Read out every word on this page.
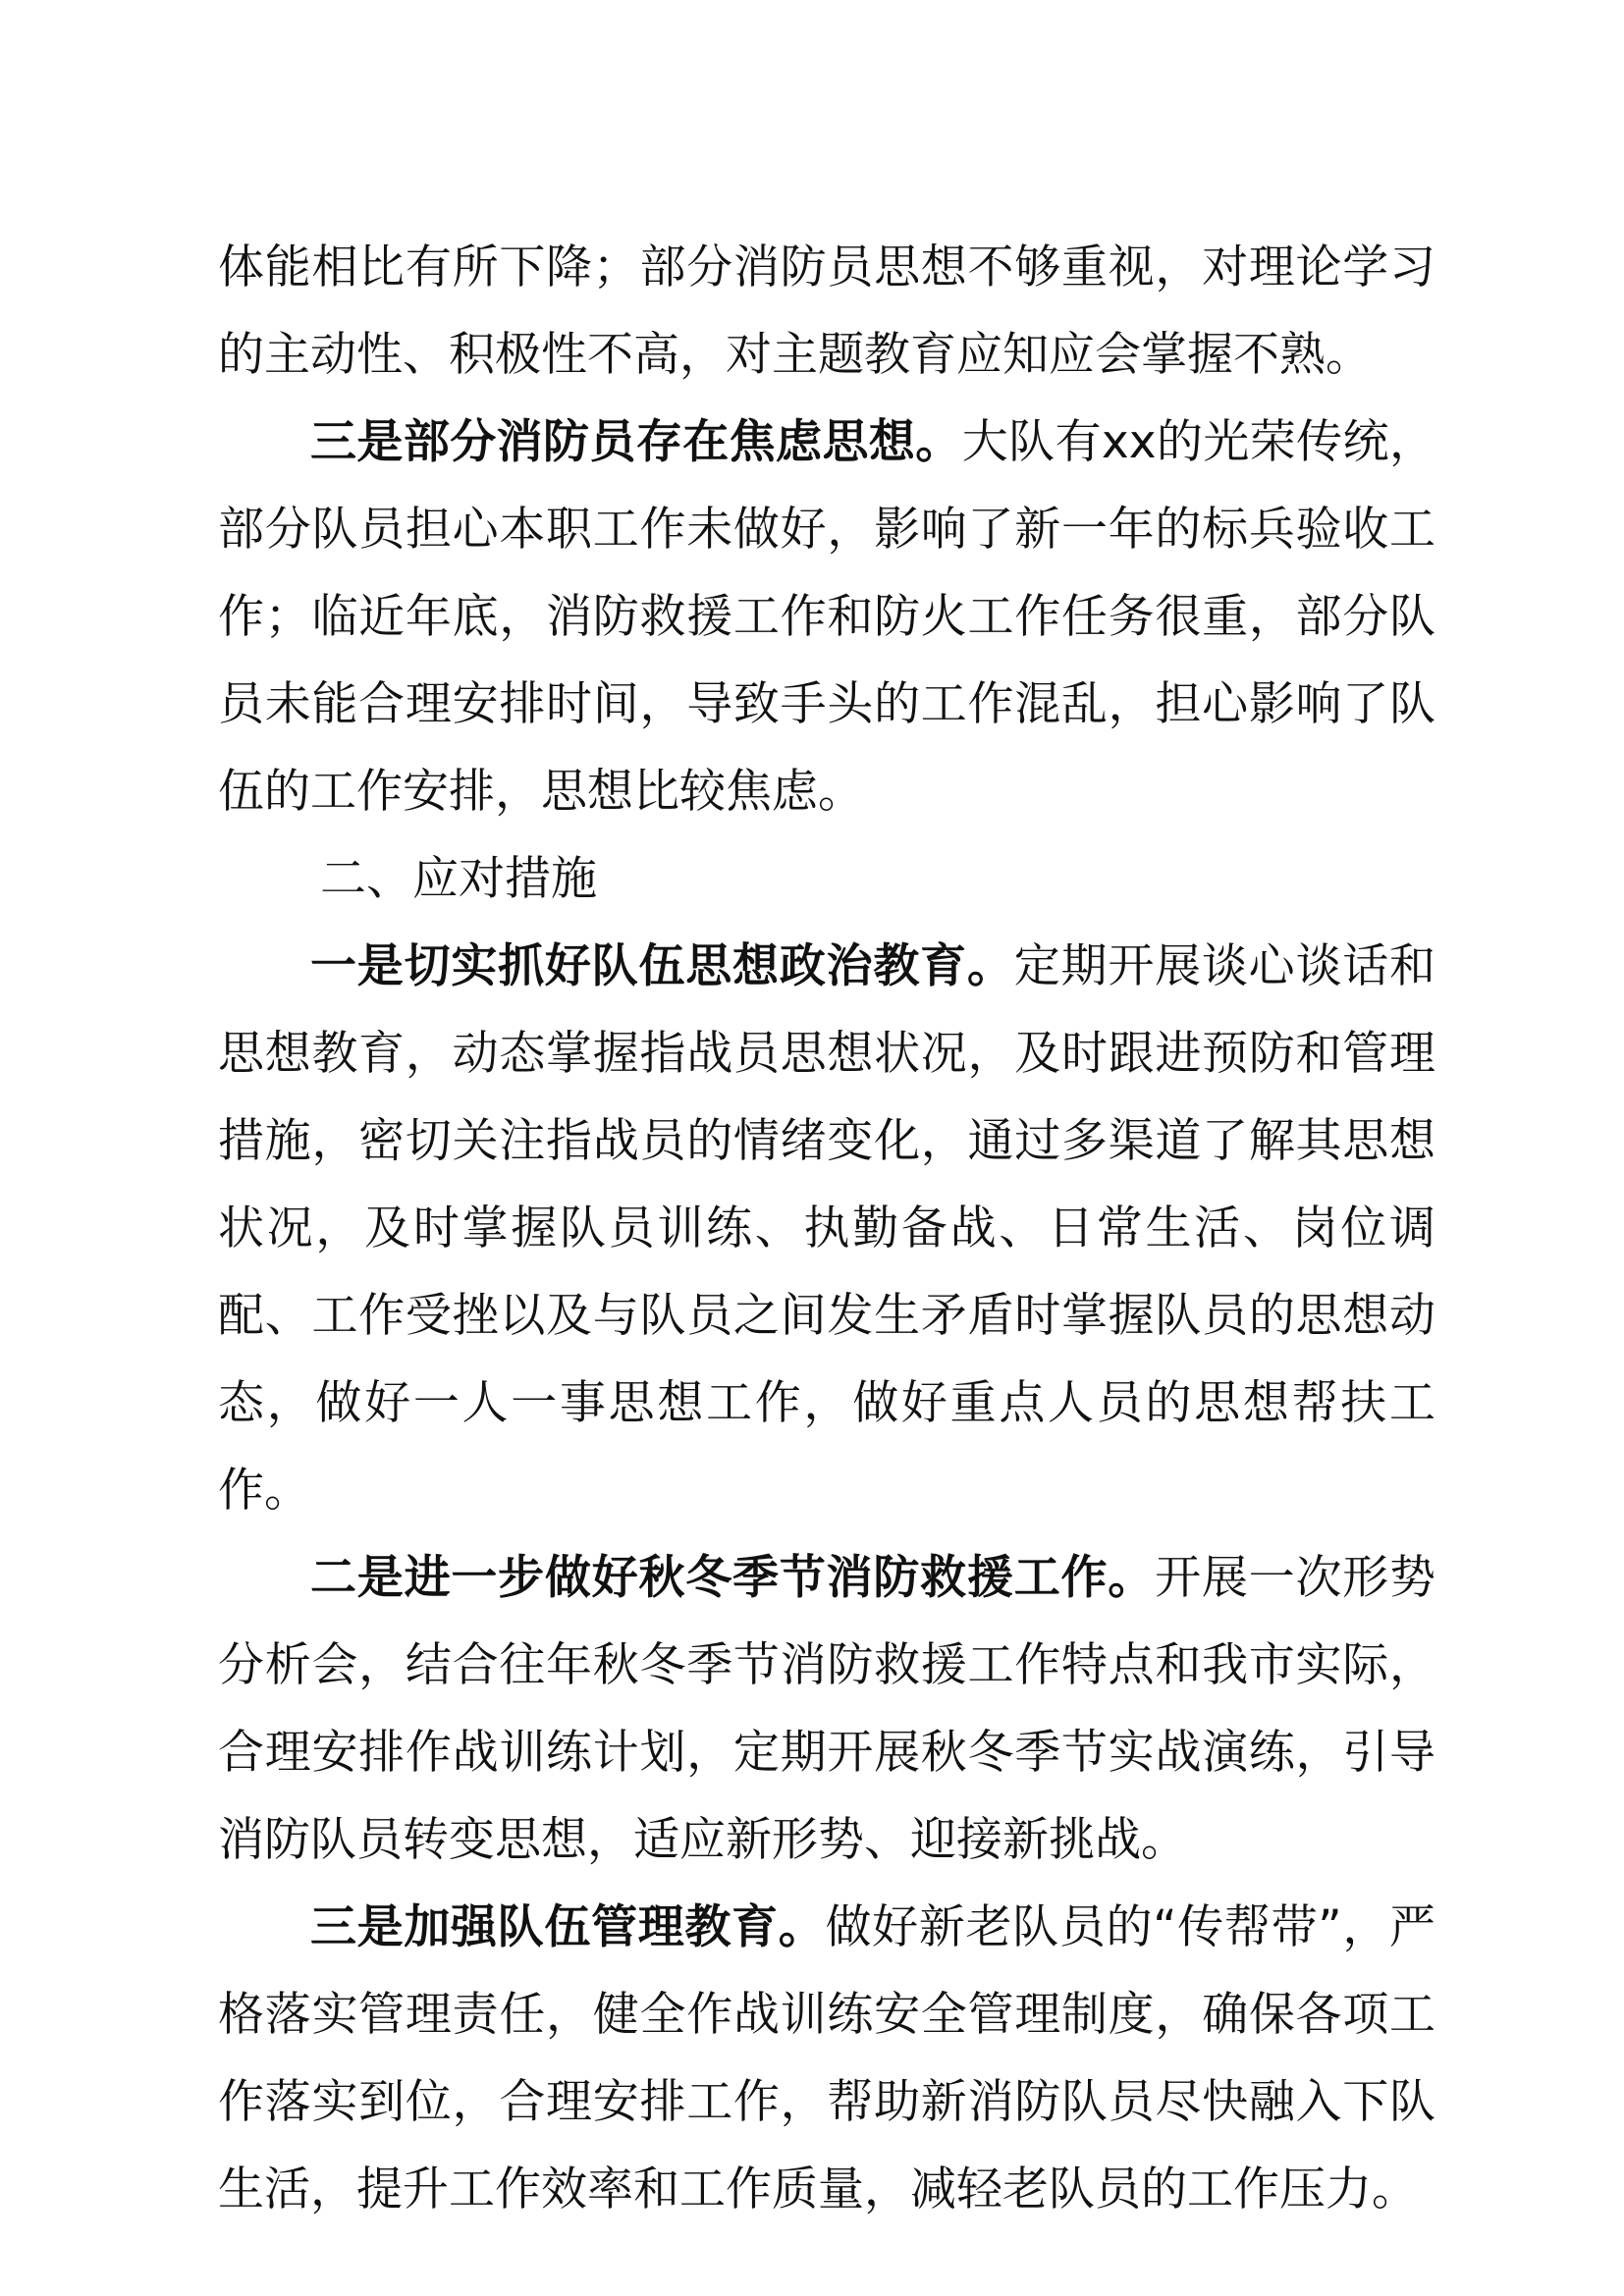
体能相比有所下降；部分消防员思想不够重视，对理论学习的主动性、积极性不高，对主题教育应知应会掌握不熟。

三是部分消防员存在焦虑思想。大队有xx的光荣传统，部分队员担心本职工作未做好，影响了新一年的标兵验收工作；临近年底，消防救援工作和防火工作任务很重，部分队员未能合理安排时间，导致手头的工作混乱，担心影响了队伍的工作安排，思想比较焦虑。

二、应对措施

一是切实抓好队伍思想政治教育。定期开展谈心谈话和思想教育，动态掌握指战员思想状况，及时跟进预防和管理措施，密切关注指战员的情绪变化，通过多渠道了解其思想状况，及时掌握队员训练、执勤备战、日常生活、岗位调配、工作受挫以及与队员之间发生矛盾时掌握队员的思想动态，做好一人一事思想工作，做好重点人员的思想帮扶工作。

二是进一步做好秋冬季节消防救援工作。开展一次形势分析会，结合往年秋冬季节消防救援工作特点和我市实际，合理安排作战训练计划，定期开展秋冬季节实战演练，引导消防队员转变思想，适应新形势、迎接新挑战。

三是加强队伍管理教育。做好新老队员的“传帮带”，严格落实管理责任，健全作战训练安全管理制度，确保各项工作落实到位，合理安排工作，帮助新消防队员尽快融入下队生活，提升工作效率和工作质量，减轻老队员的工作压力。
